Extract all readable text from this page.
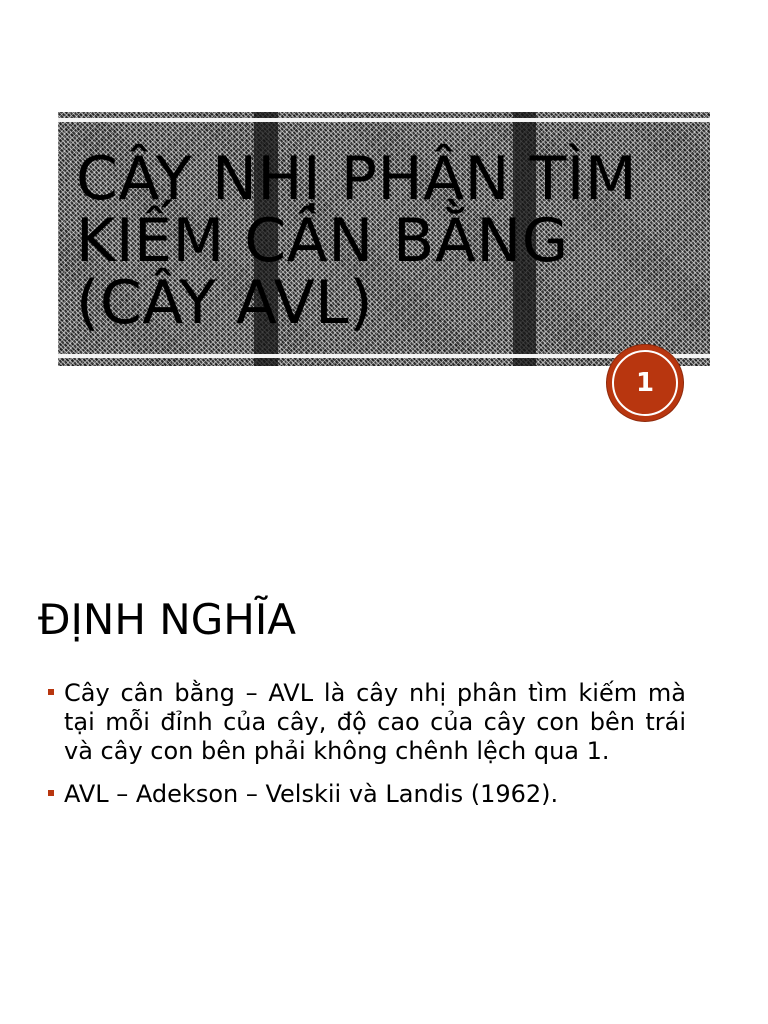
CÂY NHỊ PHÂN TÌM
KIẾM CÂN BẰNG
(CÂY AVL)
1
ĐỊNH NGHĨA
Cây cân bằng – AVL là cây nhị phân tìm kiếm mà tại mỗi đỉnh của cây, độ cao của cây con bên trái và cây con bên phải không chênh lệch qua 1.
AVL – Adekson – Velskii và Landis (1962).
